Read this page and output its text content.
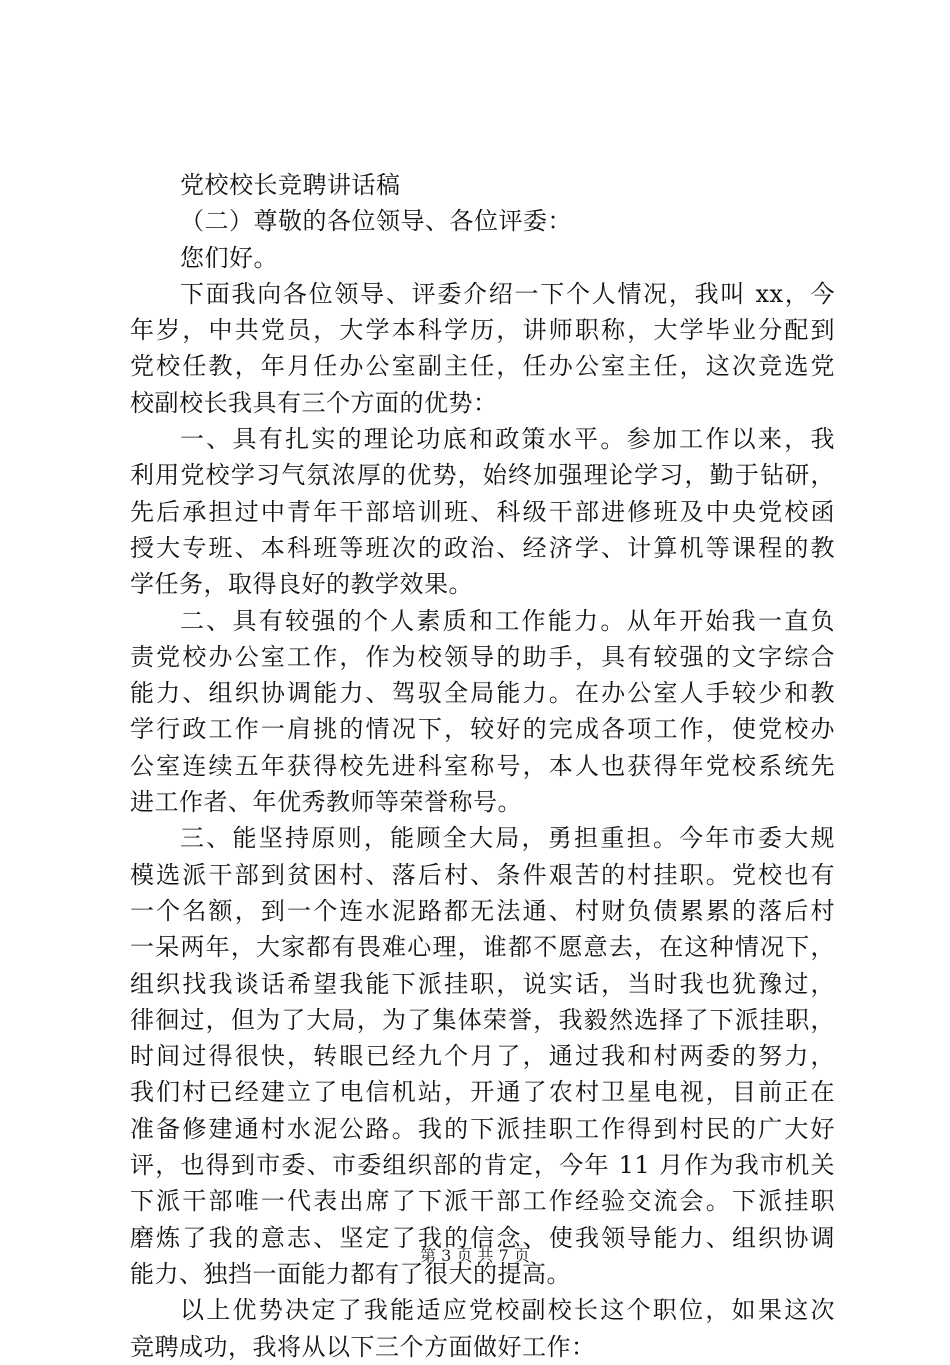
党校校长竞聘讲话稿
（二）尊敬的各位领导、各位评委：
您们好。
下面我向各位领导、评委介绍一下个人情况，我叫 xx，今
年岁，中共党员，大学本科学历，讲师职称，大学毕业分配到
党校任教，年月任办公室副主任，任办公室主任，这次竞选党
校副校长我具有三个方面的优势：
一、具有扎实的理论功底和政策水平。参加工作以来，我
利用党校学习气氛浓厚的优势，始终加强理论学习，勤于钻研，
先后承担过中青年干部培训班、科级干部进修班及中央党校函
授大专班、本科班等班次的政治、经济学、计算机等课程的教
学任务，取得良好的教学效果。
二、具有较强的个人素质和工作能力。从年开始我一直负
责党校办公室工作，作为校领导的助手，具有较强的文字综合
能力、组织协调能力、驾驭全局能力。在办公室人手较少和教
学行政工作一肩挑的情况下，较好的完成各项工作，使党校办
公室连续五年获得校先进科室称号，本人也获得年党校系统先
进工作者、年优秀教师等荣誉称号。
三、能坚持原则，能顾全大局，勇担重担。今年市委大规
模选派干部到贫困村、落后村、条件艰苦的村挂职。党校也有
一个名额，到一个连水泥路都无法通、村财负债累累的落后村
一呆两年，大家都有畏难心理，谁都不愿意去，在这种情况下，
组织找我谈话希望我能下派挂职，说实话，当时我也犹豫过，
徘徊过，但为了大局，为了集体荣誉，我毅然选择了下派挂职，
时间过得很快，转眼已经九个月了，通过我和村两委的努力，
我们村已经建立了电信机站，开通了农村卫星电视，目前正在
准备修建通村水泥公路。我的下派挂职工作得到村民的广大好
评，也得到市委、市委组织部的肯定，今年 11 月作为我市机关
下派干部唯一代表出席了下派干部工作经验交流会。下派挂职
磨炼了我的意志、坚定了我的信念、使我领导能力、组织协调
能力、独挡一面能力都有了很大的提高。
以上优势决定了我能适应党校副校长这个职位，如果这次
竞聘成功，我将从以下三个方面做好工作：
第 3 页 共 7 页
